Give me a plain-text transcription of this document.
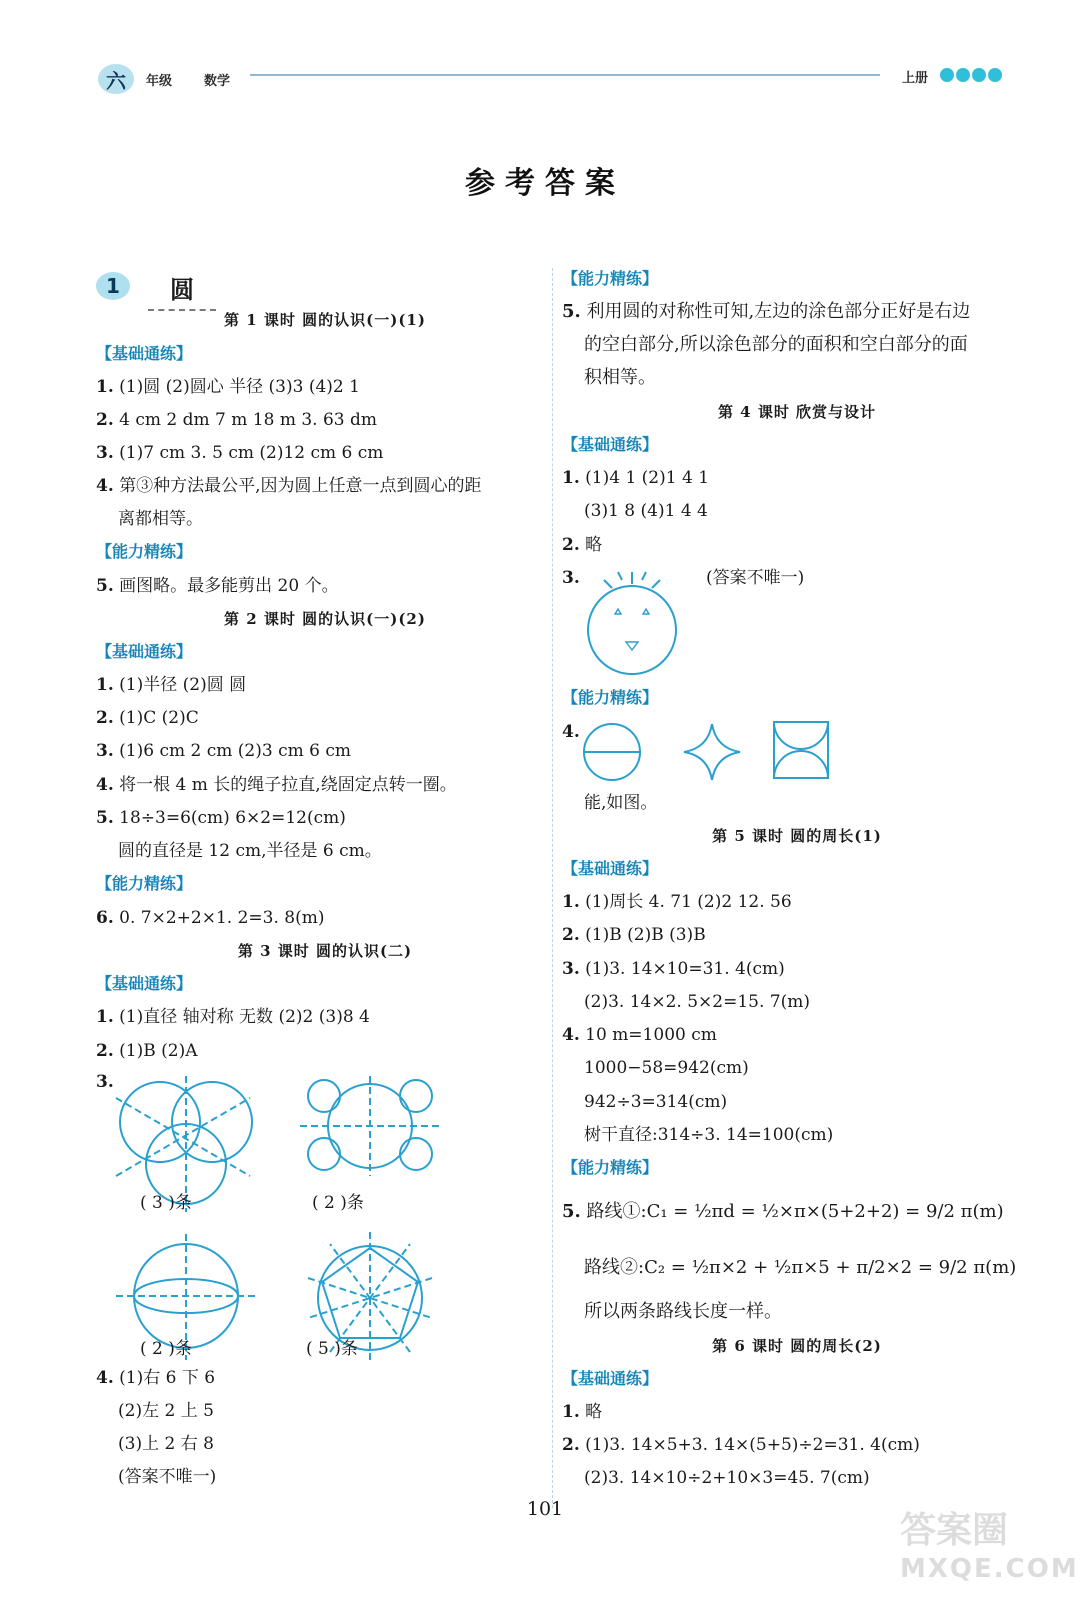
六	年级 数学	上册
参考答案
1	圆
第 1 课时 圆的认识(一)(1)
【基础通练】
1. (1)圆 (2)圆心 半径 (3)3 (4)2 1
2. 4 cm 2 dm 7 m 18 m 3. 63 dm
3. (1)7 cm 3. 5 cm (2)12 cm 6 cm
4. 第③种方法最公平,因为圆上任意一点到圆心的距
离都相等。
【能力精练】
5. 画图略。最多能剪出 20 个。
第 2 课时 圆的认识(一)(2)
【基础通练】
1. (1)半径 (2)圆 圆
2. (1)C (2)C
3. (1)6 cm 2 cm (2)3 cm 6 cm
4. 将一根 4 m 长的绳子拉直,绕固定点转一圈。
5. 18÷3=6(cm) 6×2=12(cm)
圆的直径是 12 cm,半径是 6 cm。
【能力精练】
6. 0. 7×2+2×1. 2=3. 8(m)
第 3 课时 圆的认识(二)
【基础通练】
1. (1)直径 轴对称 无数 (2)2 (3)8 4
2. (1)B (2)A
3.
( 3 )条	( 2 )条
( 2 )条	( 5 )条
4. (1)右 6 下 6
(2)左 2 上 5
(3)上 2 右 8
(答案不唯一)
【能力精练】
5. 利用圆的对称性可知,左边的涂色部分正好是右边
的空白部分,所以涂色部分的面积和空白部分的面
积相等。
第 4 课时 欣赏与设计
【基础通练】
1. (1)4 1 (2)1 4 1
(3)1 8 (4)1 4 4
2. 略
3.	(答案不唯一)
【能力精练】
4.
能,如图。
第 5 课时 圆的周长(1)
【基础通练】
1. (1)周长 4. 71 (2)2 12. 56
2. (1)B (2)B (3)B
3. (1)3. 14×10=31. 4(cm)
(2)3. 14×2. 5×2=15. 7(m)
4. 10 m=1000 cm
1000−58=942(cm)
942÷3=314(cm)
树干直径:314÷3. 14=100(cm)
【能力精练】
5. 路线①:C₁ = ½πd = ½×π×(5+2+2) = 9/2 π(m)
路线②:C₂ = ½π×2 + ½π×5 + π/2×2 = 9/2 π(m)
所以两条路线长度一样。
第 6 课时 圆的周长(2)
【基础通练】
1. 略
2. (1)3. 14×5+3. 14×(5+5)÷2=31. 4(cm)
(2)3. 14×10÷2+10×3=45. 7(cm)
101
答案圈
MXQE.COM
